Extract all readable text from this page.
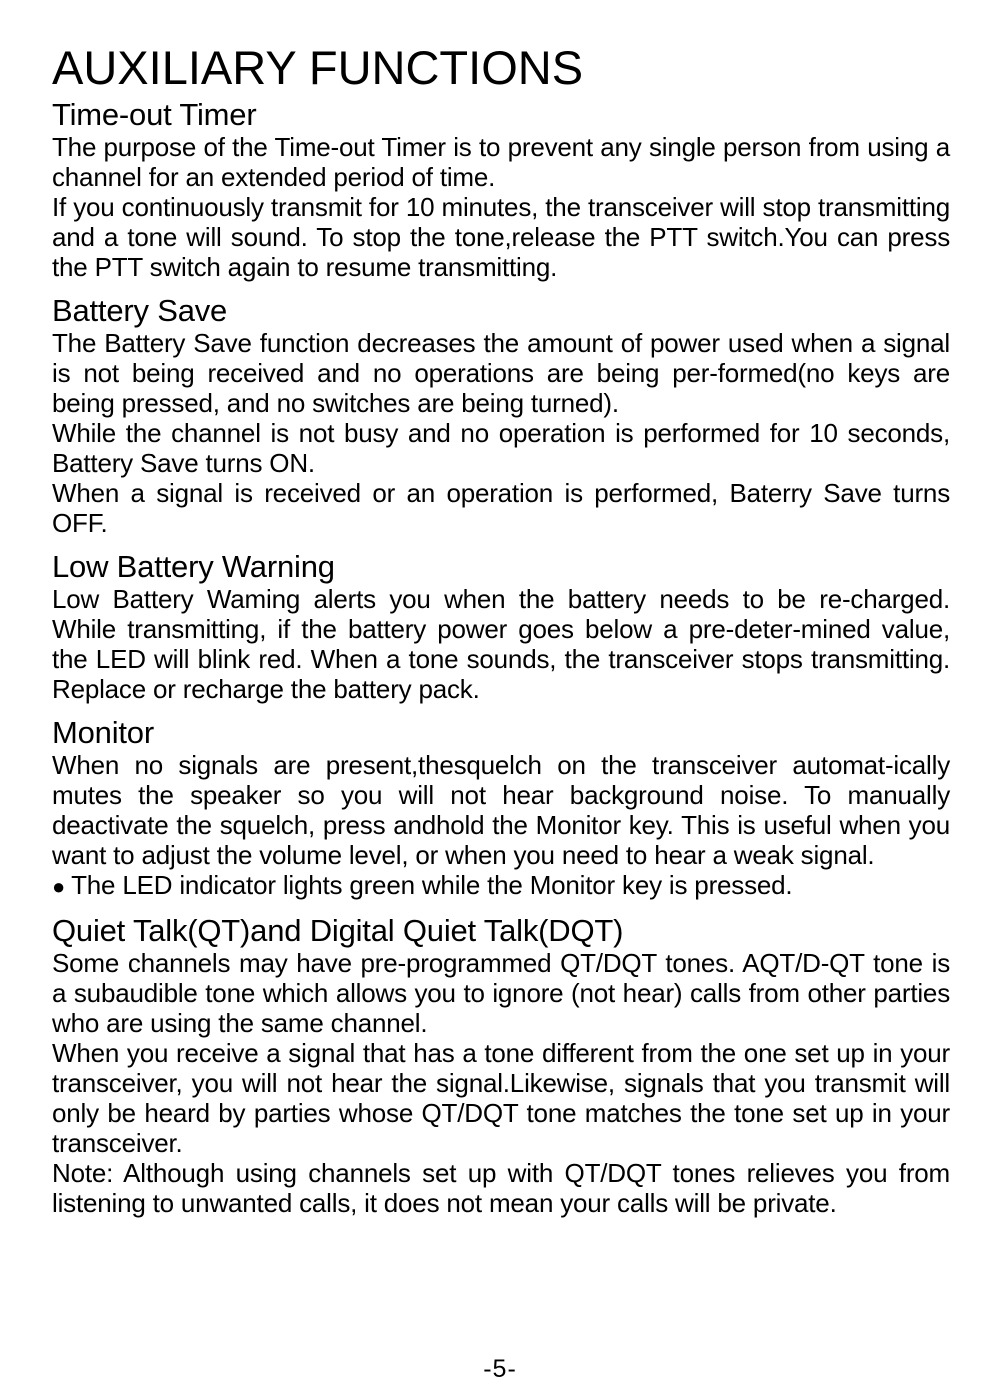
AUXILIARY FUNCTIONS
Time-out Timer

The purpose of the Time-out Timer is to prevent any single person from using a channel for an extended period of time.

If you continuously transmit for 10 minutes, the transceiver will stop transmitting and a tone will sound. To stop the tone,release the PTT switch.You can press the PTT switch again to resume transmitting.

Battery Save

The Battery Save function decreases the amount of power used when a signal is not being received and no operations are being per-formed(no keys are being pressed, and no switches are being turned).

While the channel is not busy and no operation is performed for 10 seconds, Battery Save turns ON.

When a signal is received or an operation is performed, Baterry Save turns OFF.

Low Battery Warning

Low Battery Waming alerts you when the battery needs to be re-charged. While transmitting, if the battery power goes below a pre-deter-mined value, the LED will blink red. When a tone sounds, the transceiver stops transmitting. Replace or recharge the battery pack.

Monitor

When no signals are present,thesquelch on the transceiver automat-ically mutes the speaker so you will not hear background noise. To manually deactivate the squelch, press andhold the Monitor key. This is useful when you want to adjust the volume level, or when you need to hear a weak signal.

● The LED indicator lights green while the Monitor key is pressed.

Quiet Talk(QT)and Digital Quiet Talk(DQT)

Some channels may have pre-programmed QT/DQT tones. AQT/D-QT tone is a subaudible tone which allows you to ignore (not hear) calls from other parties who are using the same channel.

When you receive a signal that has a tone different from the one set up in your transceiver, you will not hear the signal.Likewise, signals that you transmit will only be heard by parties whose QT/DQT tone matches the tone set up in your transceiver.

Note: Although using channels set up with QT/DQT tones relieves you from listening to unwanted calls, it does not mean your calls will be private.

-5-
